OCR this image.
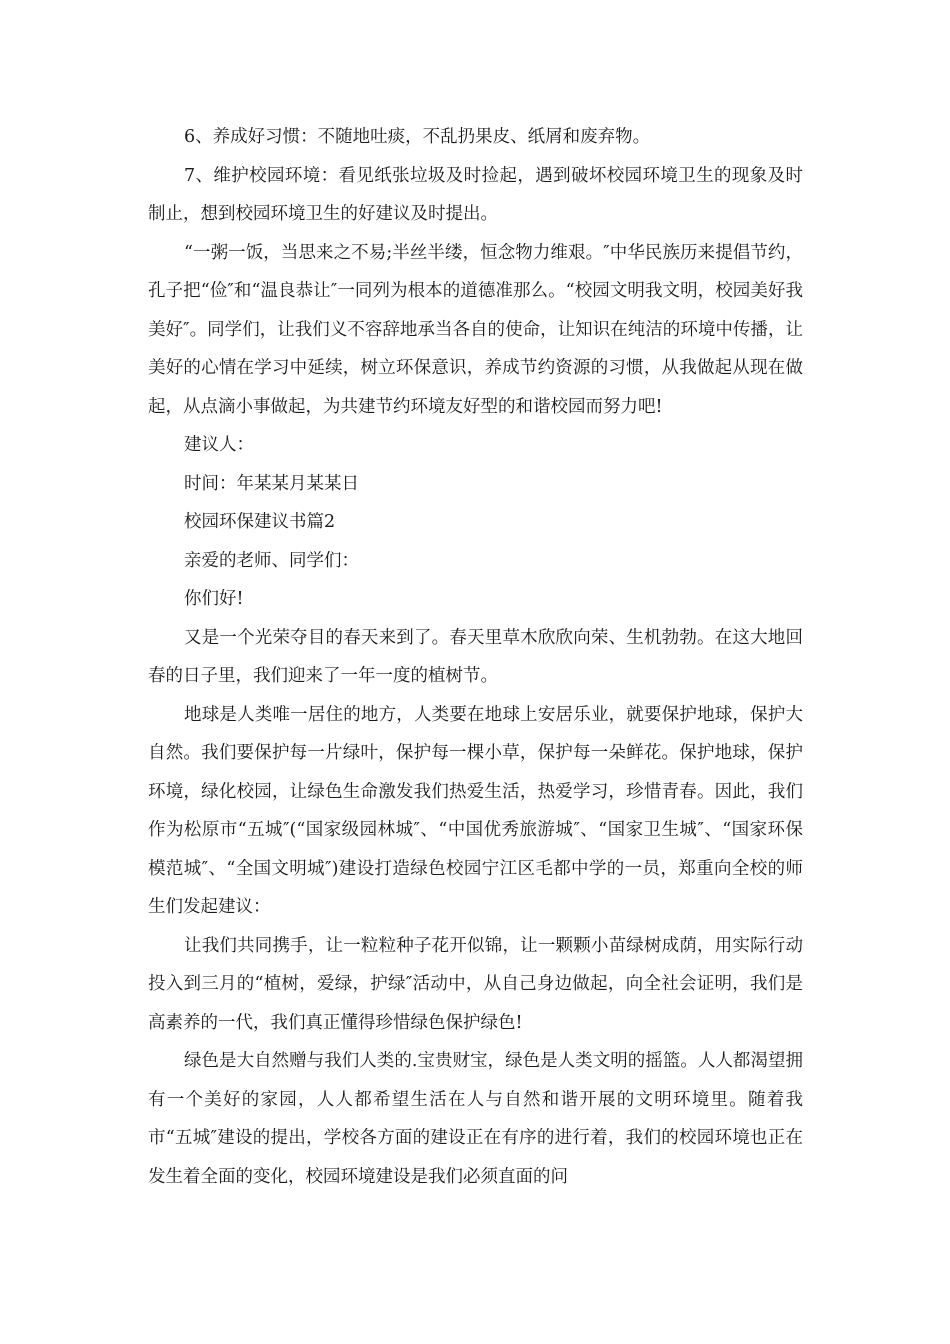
6、养成好习惯：不随地吐痰，不乱扔果皮、纸屑和废弃物。

7、维护校园环境：看见纸张垃圾及时捡起，遇到破坏校园环境卫生的现象及时制止，想到校园环境卫生的好建议及时提出。

“一粥一饭，当思来之不易;半丝半缕，恒念物力维艰。″中华民族历来提倡节约，孔子把“俭″和“温良恭让″一同列为根本的道德准那么。“校园文明我文明，校园美好我美好″。同学们，让我们义不容辞地承当各自的使命，让知识在纯洁的环境中传播，让美好的心情在学习中延续，树立环保意识，养成节约资源的习惯，从我做起从现在做起，从点滴小事做起，为共建节约环境友好型的和谐校园而努力吧!

建议人：

时间：年某某月某某日

校园环保建议书篇2

亲爱的老师、同学们：

你们好!

又是一个光荣夺目的春天来到了。春天里草木欣欣向荣、生机勃勃。在这大地回春的日子里，我们迎来了一年一度的植树节。

地球是人类唯一居住的地方，人类要在地球上安居乐业，就要保护地球，保护大自然。我们要保护每一片绿叶，保护每一棵小草，保护每一朵鲜花。保护地球，保护环境，绿化校园，让绿色生命激发我们热爱生活，热爱学习，珍惜青春。因此，我们作为松原市“五城″(“国家级园林城″、“中国优秀旅游城″、“国家卫生城″、“国家环保模范城″、“全国文明城″)建设打造绿色校园宁江区毛都中学的一员，郑重向全校的师生们发起建议：

让我们共同携手，让一粒粒种子花开似锦，让一颗颗小苗绿树成荫，用实际行动投入到三月的“植树，爱绿，护绿″活动中，从自己身边做起，向全社会证明，我们是高素养的一代，我们真正懂得珍惜绿色保护绿色!

绿色是大自然赠与我们人类的.宝贵财宝，绿色是人类文明的摇篮。人人都渴望拥有一个美好的家园，人人都希望生活在人与自然和谐开展的文明环境里。随着我市“五城″建设的提出，学校各方面的建设正在有序的进行着，我们的校园环境也正在发生着全面的变化，校园环境建设是我们必须直面的问
